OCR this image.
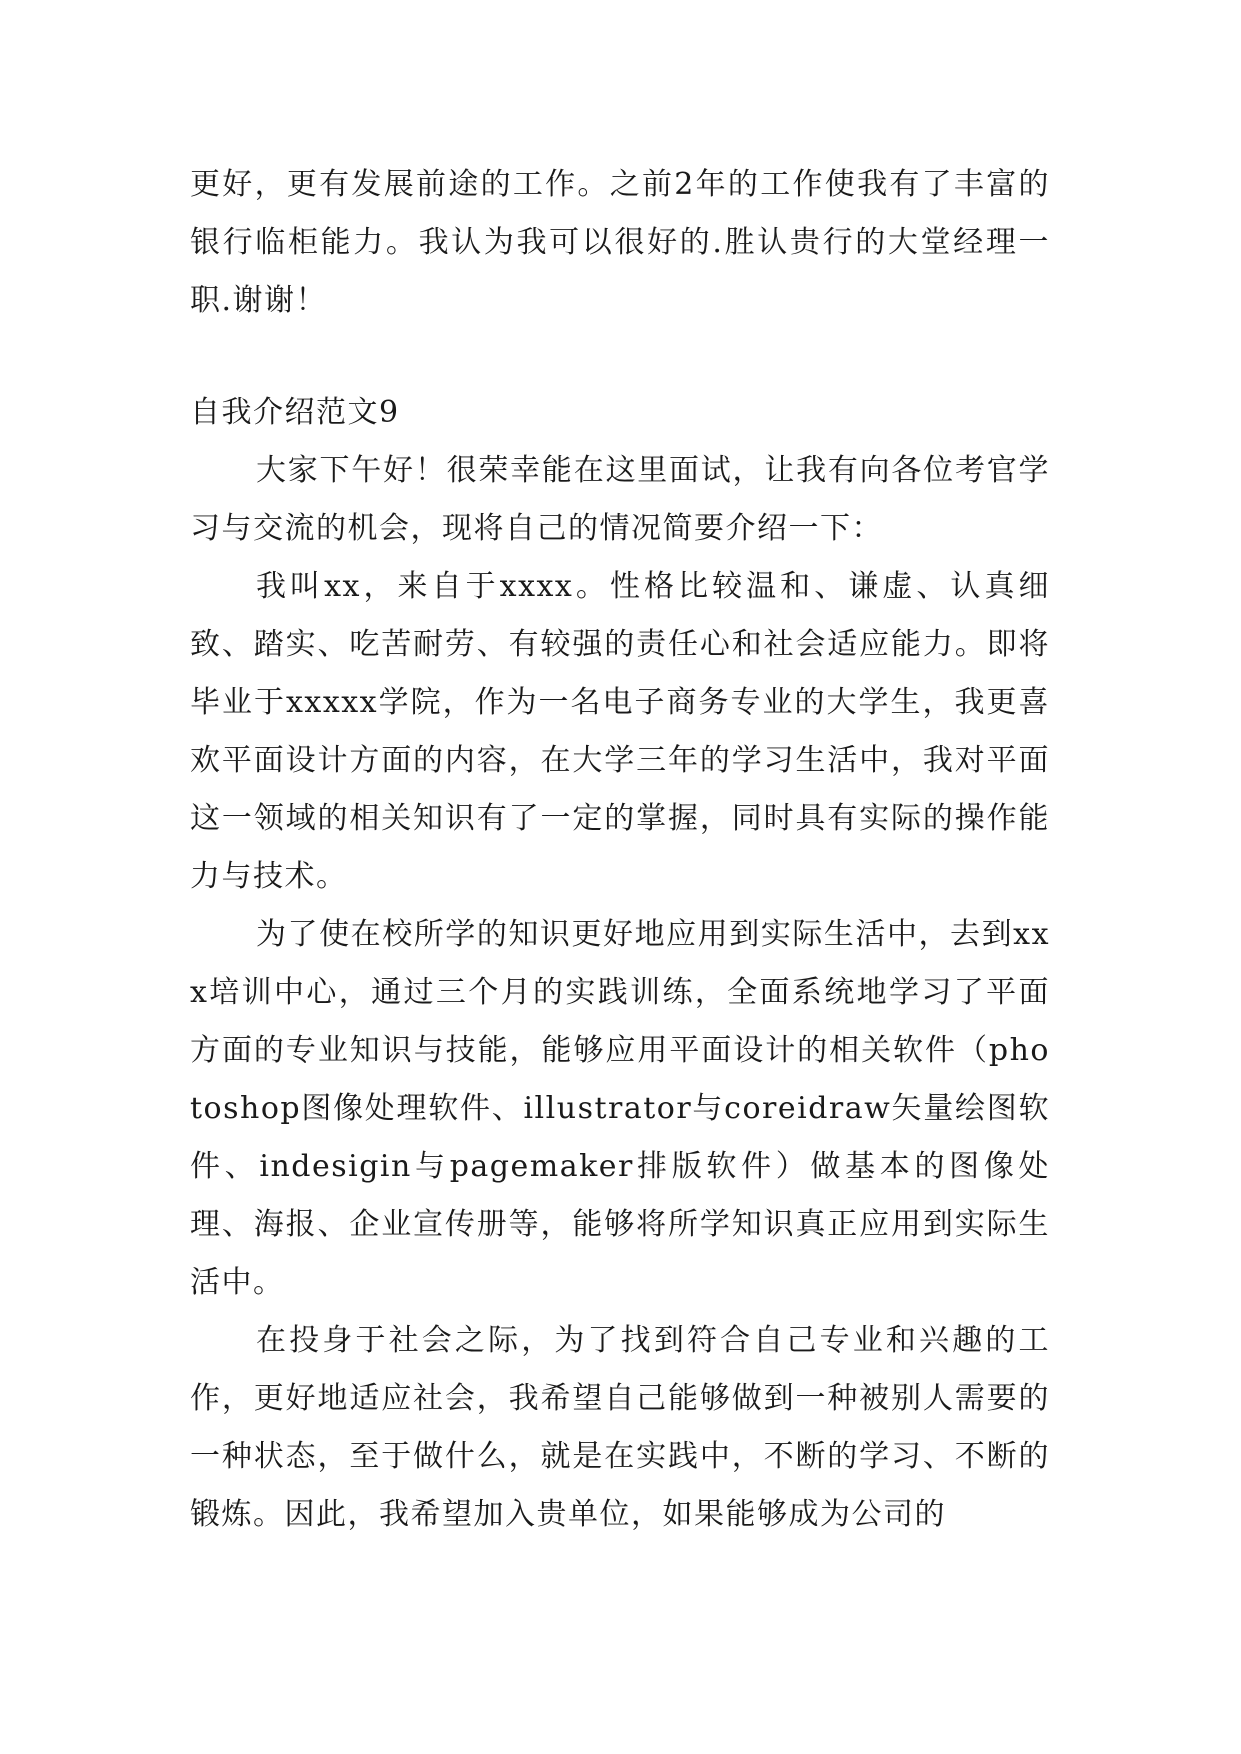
更好，更有发展前途的工作。之前2年的工作使我有了丰富的银行临柜能力。我认为我可以很好的.胜认贵行的大堂经理一职.谢谢！

自我介绍范文9

大家下午好！很荣幸能在这里面试，让我有向各位考官学习与交流的机会，现将自己的情况简要介绍一下：

我叫xx，来自于xxxx。性格比较温和、谦虚、认真细致、踏实、吃苦耐劳、有较强的责任心和社会适应能力。即将毕业于xxxxx学院，作为一名电子商务专业的大学生，我更喜欢平面设计方面的内容，在大学三年的学习生活中，我对平面这一领域的相关知识有了一定的掌握，同时具有实际的操作能力与技术。

为了使在校所学的知识更好地应用到实际生活中，去到xxx培训中心，通过三个月的实践训练，全面系统地学习了平面方面的专业知识与技能，能够应用平面设计的相关软件（photoshop图像处理软件、illustrator与coreidraw矢量绘图软件、indesigin与pagemaker排版软件）做基本的图像处理、海报、企业宣传册等，能够将所学知识真正应用到实际生活中。

在投身于社会之际，为了找到符合自己专业和兴趣的工作，更好地适应社会，我希望自己能够做到一种被别人需要的一种状态，至于做什么，就是在实践中，不断的学习、不断的锻炼。因此，我希望加入贵单位，如果能够成为公司的
